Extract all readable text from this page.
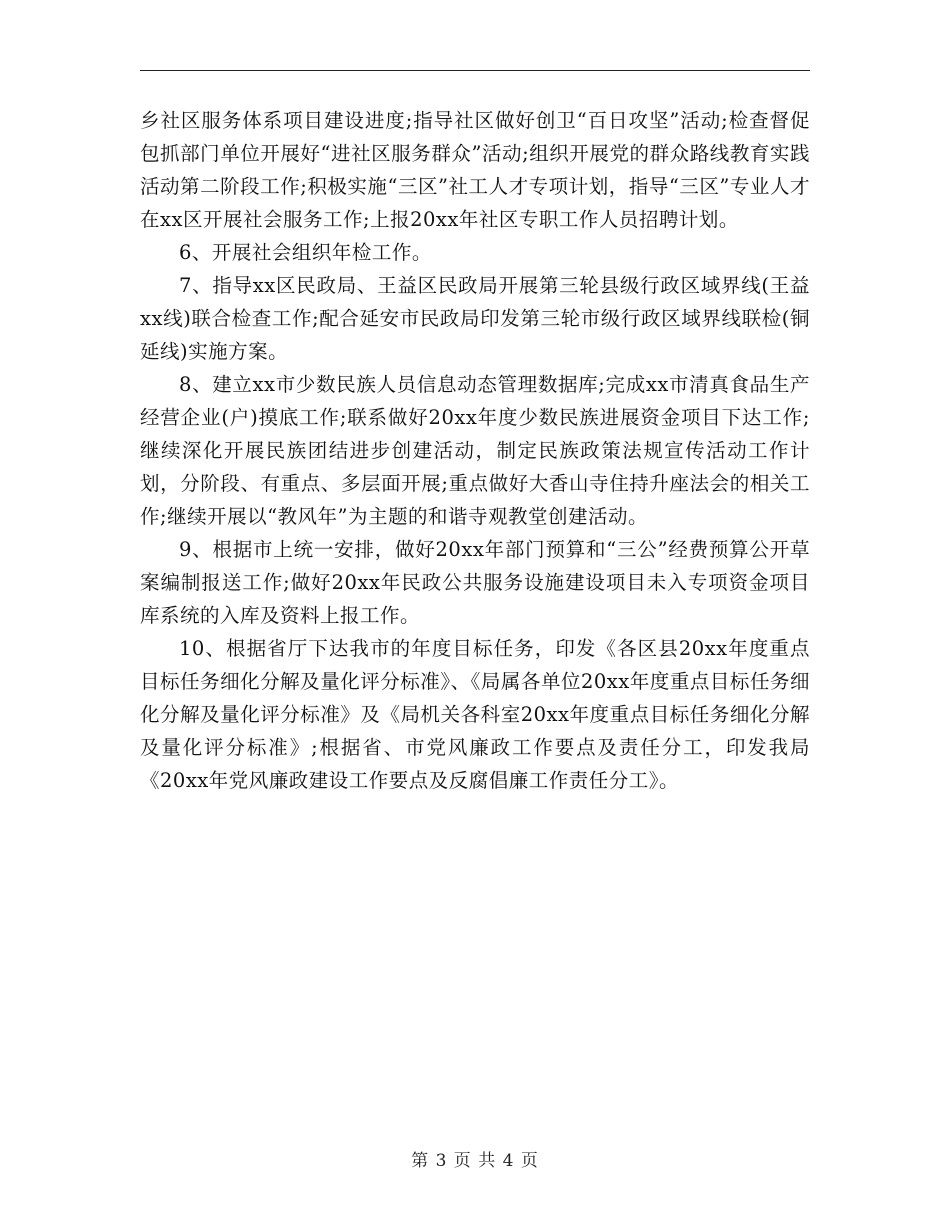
乡社区服务体系项目建设进度;指导社区做好创卫“百日攻坚”活动;检查督促包抓部门单位开展好“进社区服务群众”活动;组织开展党的群众路线教育实践活动第二阶段工作;积极实施“三区”社工人才专项计划，指导“三区”专业人才在xx区开展社会服务工作;上报20xx年社区专职工作人员招聘计划。

6、开展社会组织年检工作。

7、指导xx区民政局、王益区民政局开展第三轮县级行政区域界线(王益xx线)联合检查工作;配合延安市民政局印发第三轮市级行政区域界线联检(铜延线)实施方案。

8、建立xx市少数民族人员信息动态管理数据库;完成xx市清真食品生产经营企业(户)摸底工作;联系做好20xx年度少数民族进展资金项目下达工作;继续深化开展民族团结进步创建活动，制定民族政策法规宣传活动工作计划，分阶段、有重点、多层面开展;重点做好大香山寺住持升座法会的相关工作;继续开展以“教风年”为主题的和谐寺观教堂创建活动。

9、根据市上统一安排，做好20xx年部门预算和“三公”经费预算公开草案编制报送工作;做好20xx年民政公共服务设施建设项目未入专项资金项目库系统的入库及资料上报工作。

10、根据省厅下达我市的年度目标任务，印发《各区县20xx年度重点目标任务细化分解及量化评分标准》、《局属各单位20xx年度重点目标任务细化分解及量化评分标准》及《局机关各科室20xx年度重点目标任务细化分解及量化评分标准》;根据省、市党风廉政工作要点及责任分工，印发我局《20xx年党风廉政建设工作要点及反腐倡廉工作责任分工》。

第 3 页 共 4 页
